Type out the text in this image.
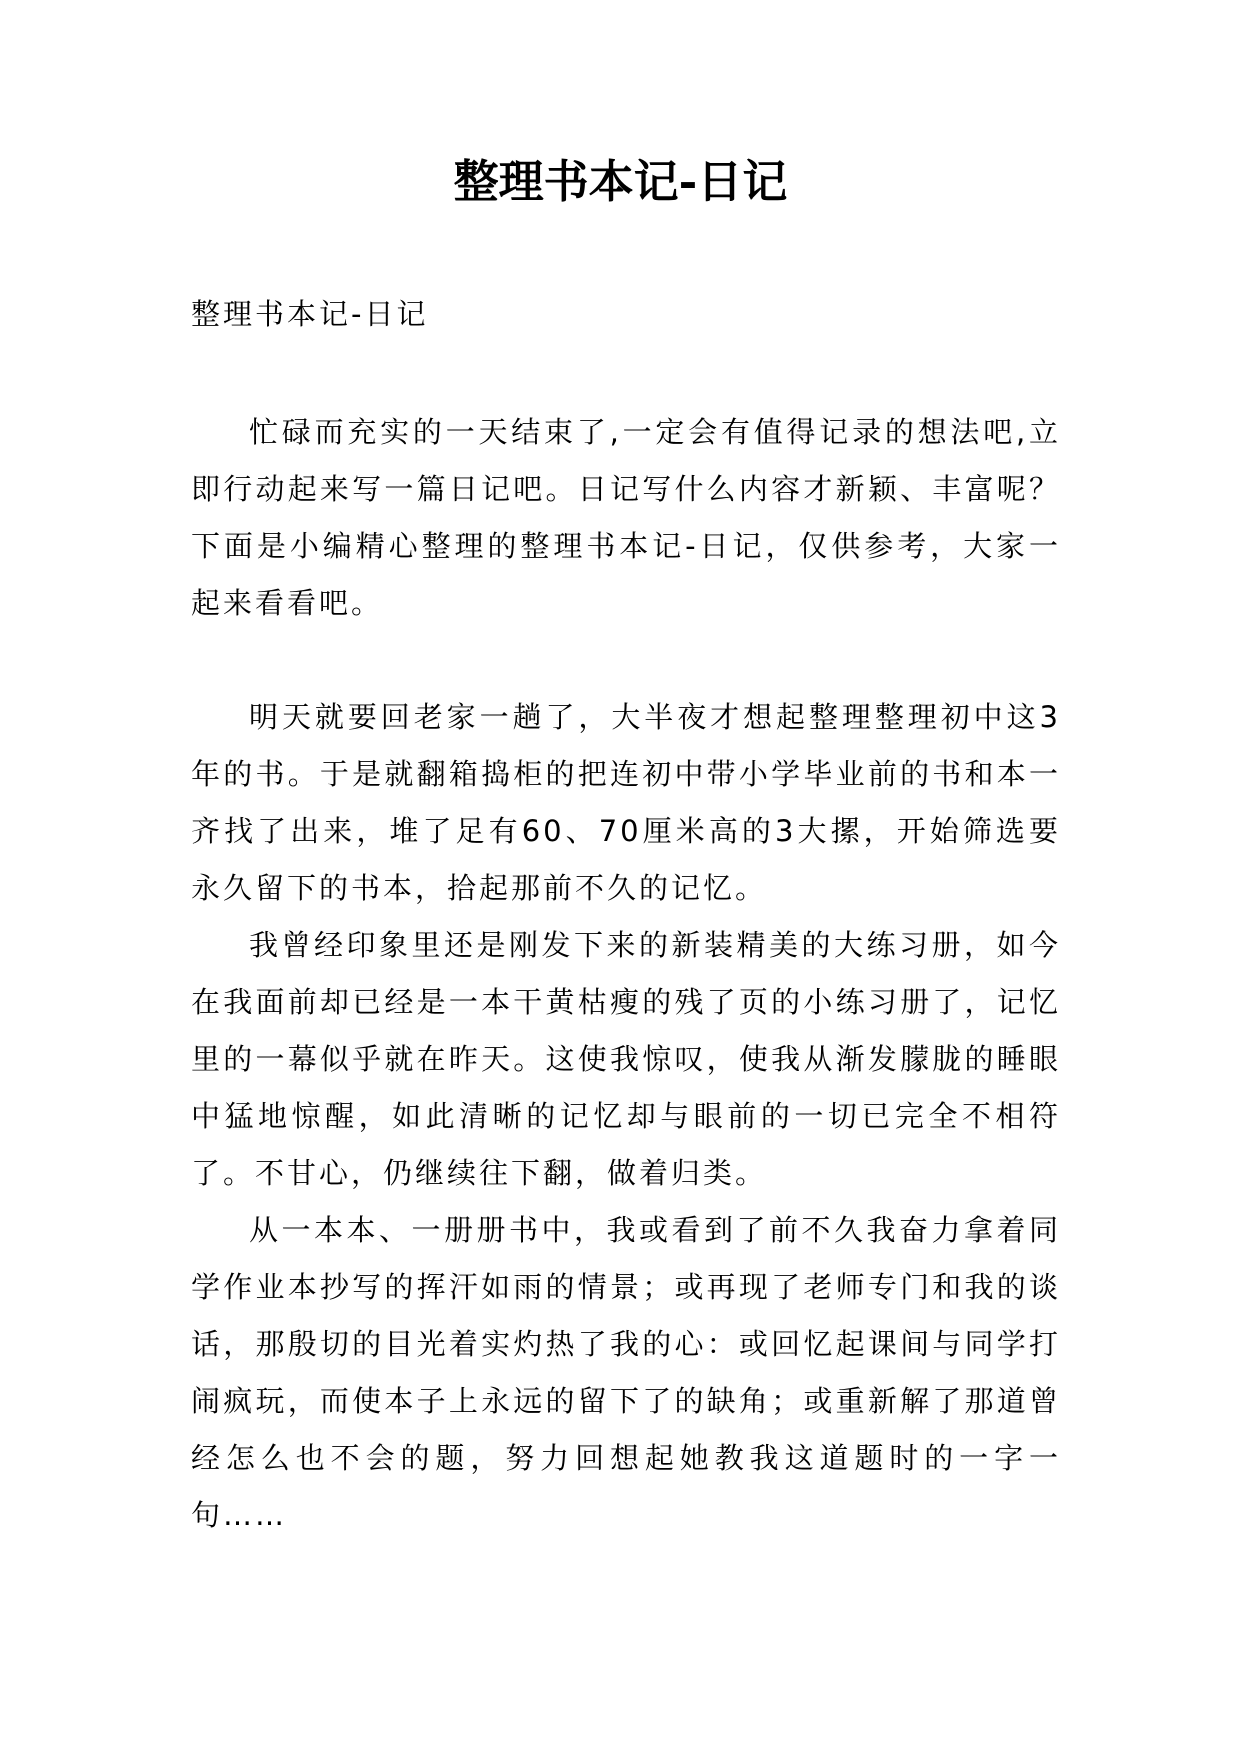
整理书本记-日记

整理书本记-日记

忙碌而充实的一天结束了,一定会有值得记录的想法吧,立即行动起来写一篇日记吧。日记写什么内容才新颖、丰富呢？下面是小编精心整理的整理书本记-日记，仅供参考，大家一起来看看吧。

明天就要回老家一趟了，大半夜才想起整理整理初中这3年的书。于是就翻箱捣柜的把连初中带小学毕业前的书和本一齐找了出来，堆了足有60、70厘米高的3大摞，开始筛选要永久留下的书本，拾起那前不久的记忆。

我曾经印象里还是刚发下来的新装精美的大练习册，如今在我面前却已经是一本干黄枯瘦的残了页的小练习册了，记忆里的一幕似乎就在昨天。这使我惊叹，使我从渐发朦胧的睡眼中猛地惊醒，如此清晰的记忆却与眼前的一切已完全不相符了。不甘心，仍继续往下翻，做着归类。

从一本本、一册册书中，我或看到了前不久我奋力拿着同学作业本抄写的挥汗如雨的情景；或再现了老师专门和我的谈话，那殷切的目光着实灼热了我的心：或回忆起课间与同学打闹疯玩，而使本子上永远的留下了的缺角；或重新解了那道曾经怎么也不会的题，努力回想起她教我这道题时的一字一句……
